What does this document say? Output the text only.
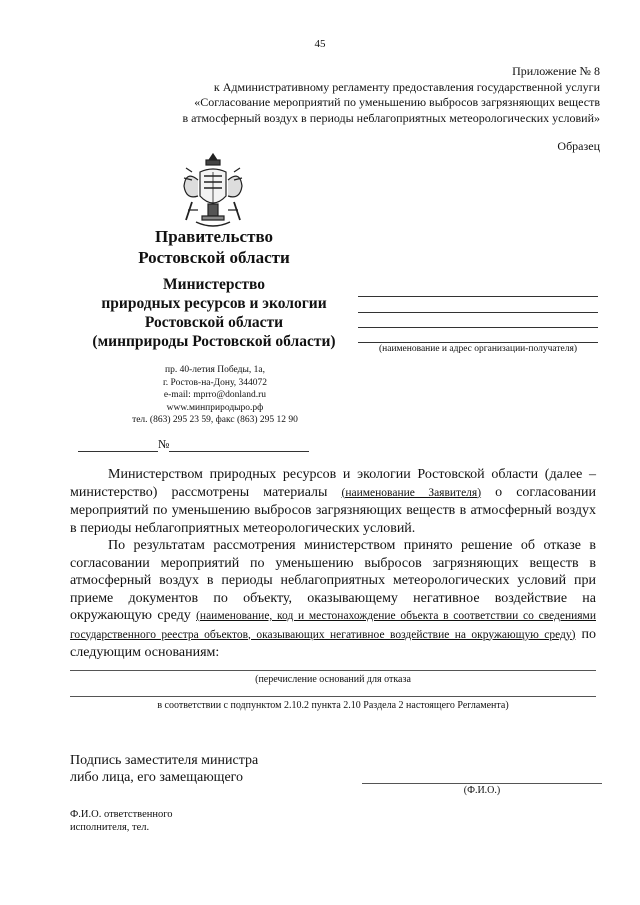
45
Приложение № 8
к Административному регламенту предоставления государственной услуги
«Согласование мероприятий по уменьшению выбросов загрязняющих веществ
в атмосферный воздух в периоды неблагоприятных метеорологических условий»
Образец
Правительство
Ростовской области
Министерство
природных ресурсов и экологии
Ростовской области
(минприроды Ростовской области)
пр. 40-летия Победы, 1а,
г. Ростов-на-Дону, 344072
e-mail: mprro@donland.ru
www.минприродыро.рф
тел. (863) 295 23 59, факс (863) 295 12 90
(наименование и адрес организации-получателя)
№

Министерством природных ресурсов и экологии Ростовской области (далее – министерство) рассмотрены материалы (наименование Заявителя) о согласовании мероприятий по уменьшению выбросов загрязняющих веществ в атмосферный воздух в периоды неблагоприятных метеорологических условий.

По результатам рассмотрения министерством принято решение об отказе в согласовании мероприятий по уменьшению выбросов загрязняющих веществ в атмосферный воздух в периоды неблагоприятных метеорологических условий при приеме документов по объекту, оказывающему негативное воздействие на окружающую среду (наименование, код и местонахождение объекта в соответствии со сведениями государственного реестра объектов, оказывающих негативное воздействие на окружающую среду) по следующим основаниям:

(перечисление оснований для отказа
в соответствии с подпунктом 2.10.2 пункта 2.10 Раздела 2 настоящего Регламента)
Подпись заместителя министра
либо лица, его замещающего
(Ф.И.О.)
Ф.И.О. ответственного
исполнителя, тел.
